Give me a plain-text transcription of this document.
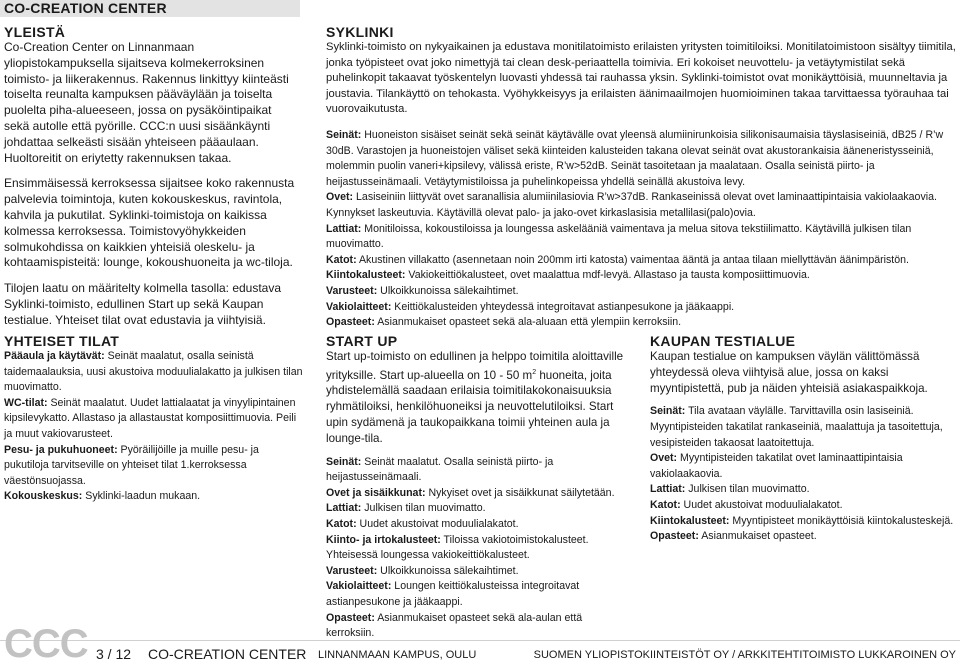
CO-CREATION CENTER
YLEISTÄ

Co-Creation Center on Linnanmaan yliopistokampuksella sijaitseva kolmekerroksinen toimisto- ja liikerakennus. Rakennus linkittyy kiinteästi toiselta reunalta kampuksen pääväylään ja toiselta puolelta piha-alueeseen, jossa on pysäköintipaikat sekä autolle että pyörille. CCC:n uusi sisäänkäynti johdattaa selkeästi sisään yhteiseen pääaulaan. Huoltoreitit on eriytetty rakennuksen takaa.

Ensimmäisessä kerroksessa sijaitsee koko rakennusta palvelevia toimintoja, kuten kokouskeskus, ravintola, kahvila ja pukutilat. Syklinki-toimistoja on kaikissa kolmessa kerroksessa. Toimistovyöhykkeiden solmukohdissa on kaikkien yhteisiä oleskelu- ja kohtaamispisteitä: lounge, kokoushuoneita ja wc-tiloja.

Tilojen laatu on määritelty kolmella tasolla: edustava Syklinki-toimisto, edullinen Start up sekä Kaupan testialue. Yhteiset tilat ovat edustavia ja viihtyisiä.

SYKLINKI

Syklinki-toimisto on nykyaikainen ja edustava monitilatoimisto erilaisten yritysten toimitiloiksi. Monitilatoimistoon sisältyy tiimitila, jonka työpisteet ovat joko nimettyjä tai clean desk-periaattella toimivia. Eri kokoiset neuvottelu- ja vetäytymistilat sekä puhelinkopit takaavat työskentelyn luovasti yhdessä tai rauhassa yksin. Syklinki-toimistot ovat monikäyttöisiä, muunneltavia ja joustavia. Tilankäyttö on tehokasta. Vyöhykkeisyys ja erilaisten äänimaailmojen huomioiminen takaa tarvittaessa työrauhaa tai vuorovaikutusta.

Seinät: Huoneiston sisäiset seinät sekä seinät käytävälle ovat yleensä alumiinirunkoisia silikonisaumaisia täyslasiseiniä, dB25 / R’w 30dB. Varastojen ja huoneistojen väliset sekä kiinteiden kalusteiden takana olevat seinät ovat akustorankaisia ääneneristysseiniä, molemmin puolin vaneri+kipsilevy, välissä eriste, R’w>52dB. Seinät tasoitetaan ja maalataan. Osalla seinistä piirto- ja heijastusseinämaali. Vetäytymistiloissa ja puhelinkopeissa yhdellä seinällä akustoiva levy.

Ovet: Lasiseiniin liittyvät ovet saranallisia alumiinilasiovia R’w>37dB. Rankaseinissä olevat ovet laminaattipintaisia vakiolaakaovia. Kynnykset laskeutuvia. Käytävillä olevat palo- ja jako-ovet kirkaslasisia metallilasi(palo)ovia.

Lattiat: Monitiloissa, kokoustiloissa ja loungessa askelääniä vaimentava ja melua sitova tekstiilimatto. Käytävillä julkisen tilan muovimatto.

Katot: Akustinen villakatto (asennetaan noin 200mm irti katosta) vaimentaa ääntä ja antaa tilaan miellyttävän äänimpäristön.

Kiintokalusteet: Vakiokeittiökalusteet, ovet maalattua mdf-levyä. Allastaso ja tausta komposiittimuovia.

Varusteet: Ulkoikkunoissa sälekaihtimet.

Vakiolaitteet: Keittiökalusteiden yhteydessä integroitavat astianpesukone ja jääkaappi.

Opasteet: Asianmukaiset opasteet sekä ala-aluaan että ylempiin kerroksiin.

YHTEISET TILAT

Pääaula ja käytävät: Seinät maalatut, osalla seinistä taidemaalauksia, uusi akustoiva moduulialakatto ja julkisen tilan muovimatto.

WC-tilat: Seinät maalatut. Uudet lattialaatat ja vinyylipintainen kipsilevykatto. Allastaso ja allastaustat komposiittimuovia. Peili ja muut vakiovarusteet.

Pesu- ja pukuhuoneet: Pyöräilijöille ja muille pesu- ja pukutiloja tarvitseville on yhteiset tilat 1.kerroksessa väestönsuojassa.

Kokouskeskus: Syklinki-laadun mukaan.

START UP

Start up-toimisto on edullinen ja helppo toimitila aloittaville yrityksille. Start up-alueella on 10 - 50 $m^2$ huoneita, joita yhdistelemällä saadaan erilaisia toimitilakokonaisuuksia ryhmätiloiksi, henkilöhuoneiksi ja neuvottelutiloiksi. Start upin sydämenä ja taukopaikkana toimii yhteinen aula ja lounge-tila.

Seinät: Seinät maalatut. Osalla seinistä piirto- ja heijastusseinämaali.

Ovet ja sisäikkunat: Nykyiset ovet ja sisäikkunat säilytetään.

Lattiat: Julkisen tilan muovimatto.

Katot: Uudet akustoivat moduulialakatot.

Kiinto- ja irtokalusteet: Tiloissa vakiotoimistokalusteet. Yhteisessä loungessa vakiokeittiökalusteet.

Varusteet: Ulkoikkunoissa sälekaihtimet.

Vakiolaitteet: Loungen keittiökalusteissa integroitavat astianpesukone ja jääkaappi.

Opasteet: Asianmukaiset opasteet sekä ala-aulan että kerroksiin.

KAUPAN TESTIALUE

Kaupan testialue on kampuksen väylän välittömässä yhteydessä oleva viihtyisä alue, jossa on kaksi myyntipistettä, pub ja näiden yhteisiä asiakaspaikkoja.

Seinät: Tila avataan väylälle. Tarvittavilla osin lasiseiniä. Myyntipisteiden takatilat rankaseiniä, maalattuja ja tasoitettuja, vesipisteiden takaosat laatoitettuja.

Ovet: Myyntipisteiden takatilat ovet laminaattipintaisia vakiolaakaovia.

Lattiat: Julkisen tilan muovimatto.

Katot: Uudet akustoivat moduulialakatot.

Kiintokalusteet: Myyntipisteet monikäyttöisiä kiintokalusteskejä.

Opasteet: Asianmukaiset opasteet.

CCC 3 / 12 CO-CREATION CENTER LINNANMAAN KAMPUS, OULU	SUOMEN YLIOPISTOKIINTEISTÖT OY / ARKKITEHTITOIMISTO LUKKAROINEN OY
